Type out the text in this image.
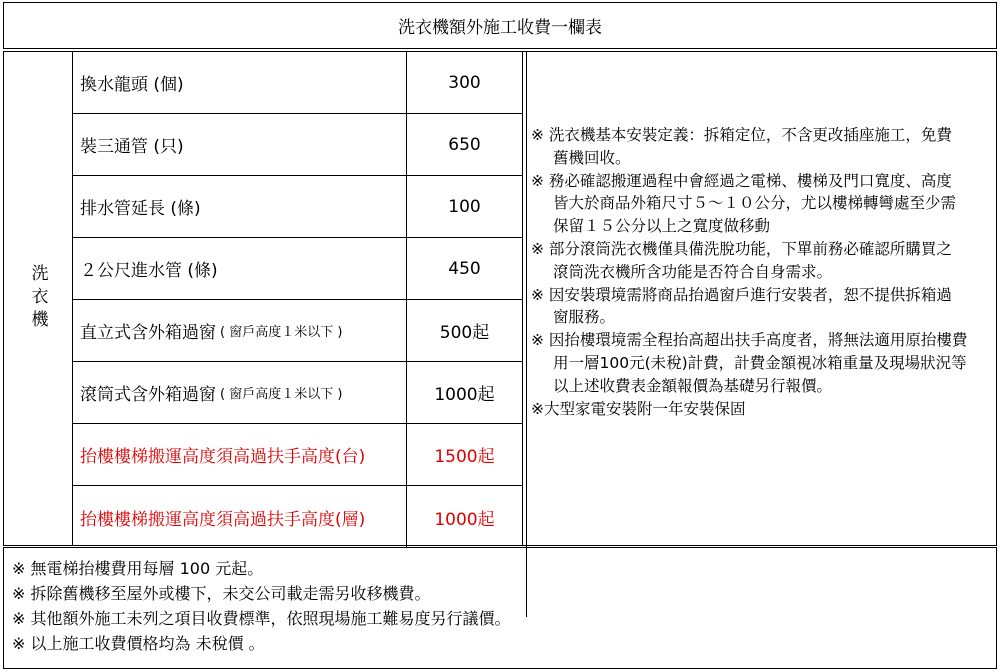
洗衣機額外施工收費一欄表
洗衣機
換水龍頭 (個)	300
裝三通管 (只)	650
排水管延長 (條)	100
２公尺進水管 (條)	450
直立式含外箱過窗 ( 窗戶高度１米以下 )	500起
滾筒式含外箱過窗 ( 窗戶高度１米以下 )	1000起
抬樓樓梯搬運高度須高過扶手高度(台)	1500起
抬樓樓梯搬運高度須高過扶手高度(層)	1000起
※ 洗衣機基本安裝定義：拆箱定位，不含更改插座施工，免費舊機回收。
※ 務必確認搬運過程中會經過之電梯、樓梯及門口寬度、高度皆大於商品外箱尺寸５～１０公分，尤以樓梯轉彎處至少需保留１５公分以上之寬度做移動
※ 部分滾筒洗衣機僅具備洗脫功能，下單前務必確認所購買之滾筒洗衣機所含功能是否符合自身需求。
※ 因安裝環境需將商品抬過窗戶進行安裝者，恕不提供拆箱過窗服務。
※ 因抬樓環境需全程抬高超出扶手高度者，將無法適用原抬樓費用一層100元(未稅)計費，計費金額視冰箱重量及現場狀況等以上述收費表金額報價為基礎另行報價。
※大型家電安裝附一年安裝保固
※ 無電梯抬樓費用每層 100 元起。
※ 拆除舊機移至屋外或樓下，未交公司載走需另收移機費。
※ 其他額外施工未列之項目收費標準，依照現場施工難易度另行議價。
※ 以上施工收費價格均為 未稅價 。
